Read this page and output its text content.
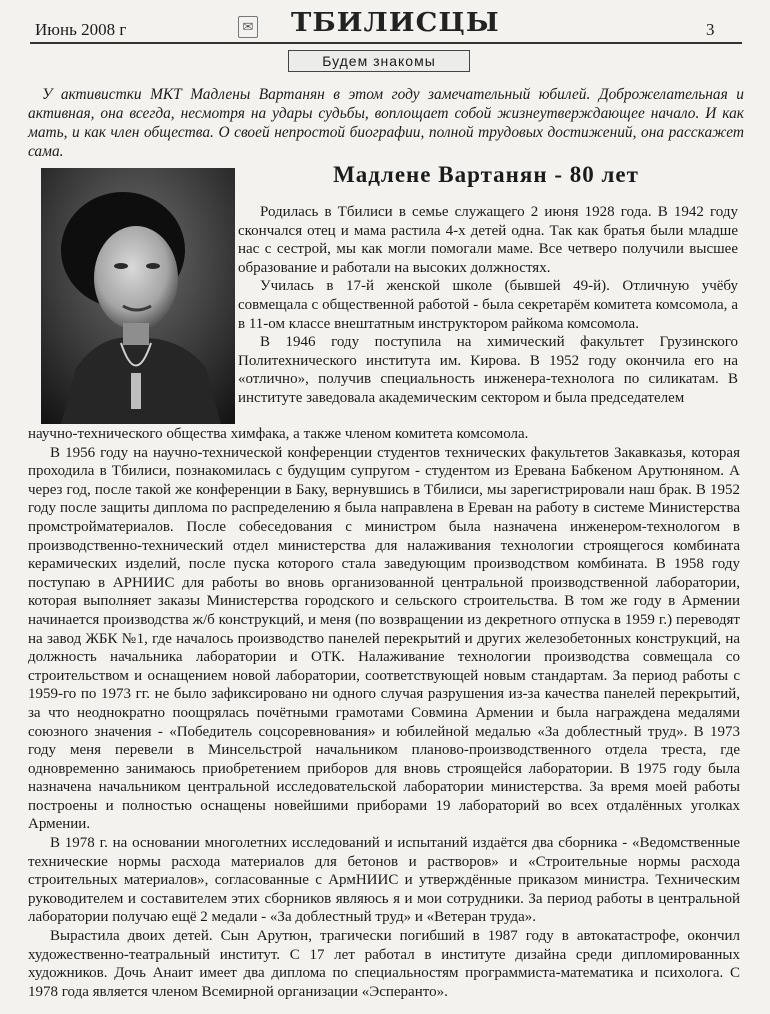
Июнь 2008 г	✉ ТБИЛИСЦЫ	3
Будем знакомы

У активистки МКТ Мадлены Вартанян в этом году замечательный юбилей. Доброжелательная и активная, она всегда, несмотря на удары судьбы, воплощает собой жизнеутверждающее начало. И как мать, и как член общества. О своей непростой биографии, полной трудовых достижений, она расскажет сама.

Мадлене Вартанян - 80 лет

Родилась в Тбилиси в семье служащего 2 июня 1928 года. В 1942 году скончался отец и мама растила 4-х детей одна. Так как братья были младше нас с сестрой, мы как могли помогали маме. Все четверо получили высшее образование и работали на высоких должностях.

Училась в 17-й женской школе (бывшей 49-й). Отличную учёбу совмещала с общественной работой - была секретарём комитета комсомола, а в 11-ом классе внештатным инструктором райкома комсомола.

В 1946 году поступила на химический факультет Грузинского Политехнического института им. Кирова. В 1952 году окончила его на «отлично», получив специальность инженера-технолога по силикатам. В институте заведовала академическим сектором и была председателем

научно-технического общества химфака, а также членом комитета комсомола.

В 1956 году на научно-технической конференции студентов технических факультетов Закавказья, которая проходила в Тбилиси, познакомилась с будущим супругом - студентом из Еревана Бабкеном Арутюняном. А через год, после такой же конференции в Баку, вернувшись в Тбилиси, мы зарегистрировали наш брак. В 1952 году после защиты диплома по распределению я была направлена в Ереван на работу в системе Министерства промстройматериалов. После собеседования с министром была назначена инженером-технологом в производственно-технический отдел министерства для налаживания технологии строящегося комбината керамических изделий, после пуска которого стала заведующим производством комбината. В 1958 году поступаю в АРНИИС для работы во вновь организованной центральной производственной лаборатории, которая выполняет заказы Министерства городского и сельского строительства. В том же году в Армении начинается производства ж/б конструкций, и меня (по возвращении из декретного отпуска в 1959 г.) переводят на завод ЖБК №1, где началось производство панелей перекрытий и других железобетонных конструкций, на должность начальника лаборатории и ОТК. Налаживание технологии производства совмещала со строительством и оснащением новой лаборатории, соответствующей новым стандартам. За период работы с 1959-го по 1973 гг. не было зафиксировано ни одного случая разрушения из-за качества панелей перекрытий, за что неоднократно поощрялась почётными грамотами Совмина Армении и была награждена медалями союзного значения - «Победитель соцсоревнования» и юбилейной медалью «За доблестный труд». В 1973 году меня перевели в Минсельстрой начальником планово-производственного отдела треста, где одновременно занимаюсь приобретением приборов для вновь строящейся лаборатории. В 1975 году была назначена начальником центральной исследовательской лаборатории министерства. За время моей работы построены и полностью оснащены новейшими приборами 19 лабораторий во всех отдалённых уголках Армении.

В 1978 г. на основании многолетних исследований и испытаний издаётся два сборника - «Ведомственные технические нормы расхода материалов для бетонов и растворов» и «Строительные нормы расхода строительных материалов», согласованные с АрмНИИС и утверждённые приказом министра. Техническим руководителем и составителем этих сборников являюсь я и мои сотрудники. За период работы в центральной лаборатории получаю ещё 2 медали - «За доблестный труд» и «Ветеран труда».

Вырастила двоих детей. Сын Арутюн, трагически погибший в 1987 году в автокатастрофе, окончил художественно-театральный институт. С 17 лет работал в институте дизайна среди дипломированных художников. Дочь Анаит имеет два диплома по специальностям программиста-математика и психолога. С 1978 года является членом Всемирной организации «Эсперанто».
